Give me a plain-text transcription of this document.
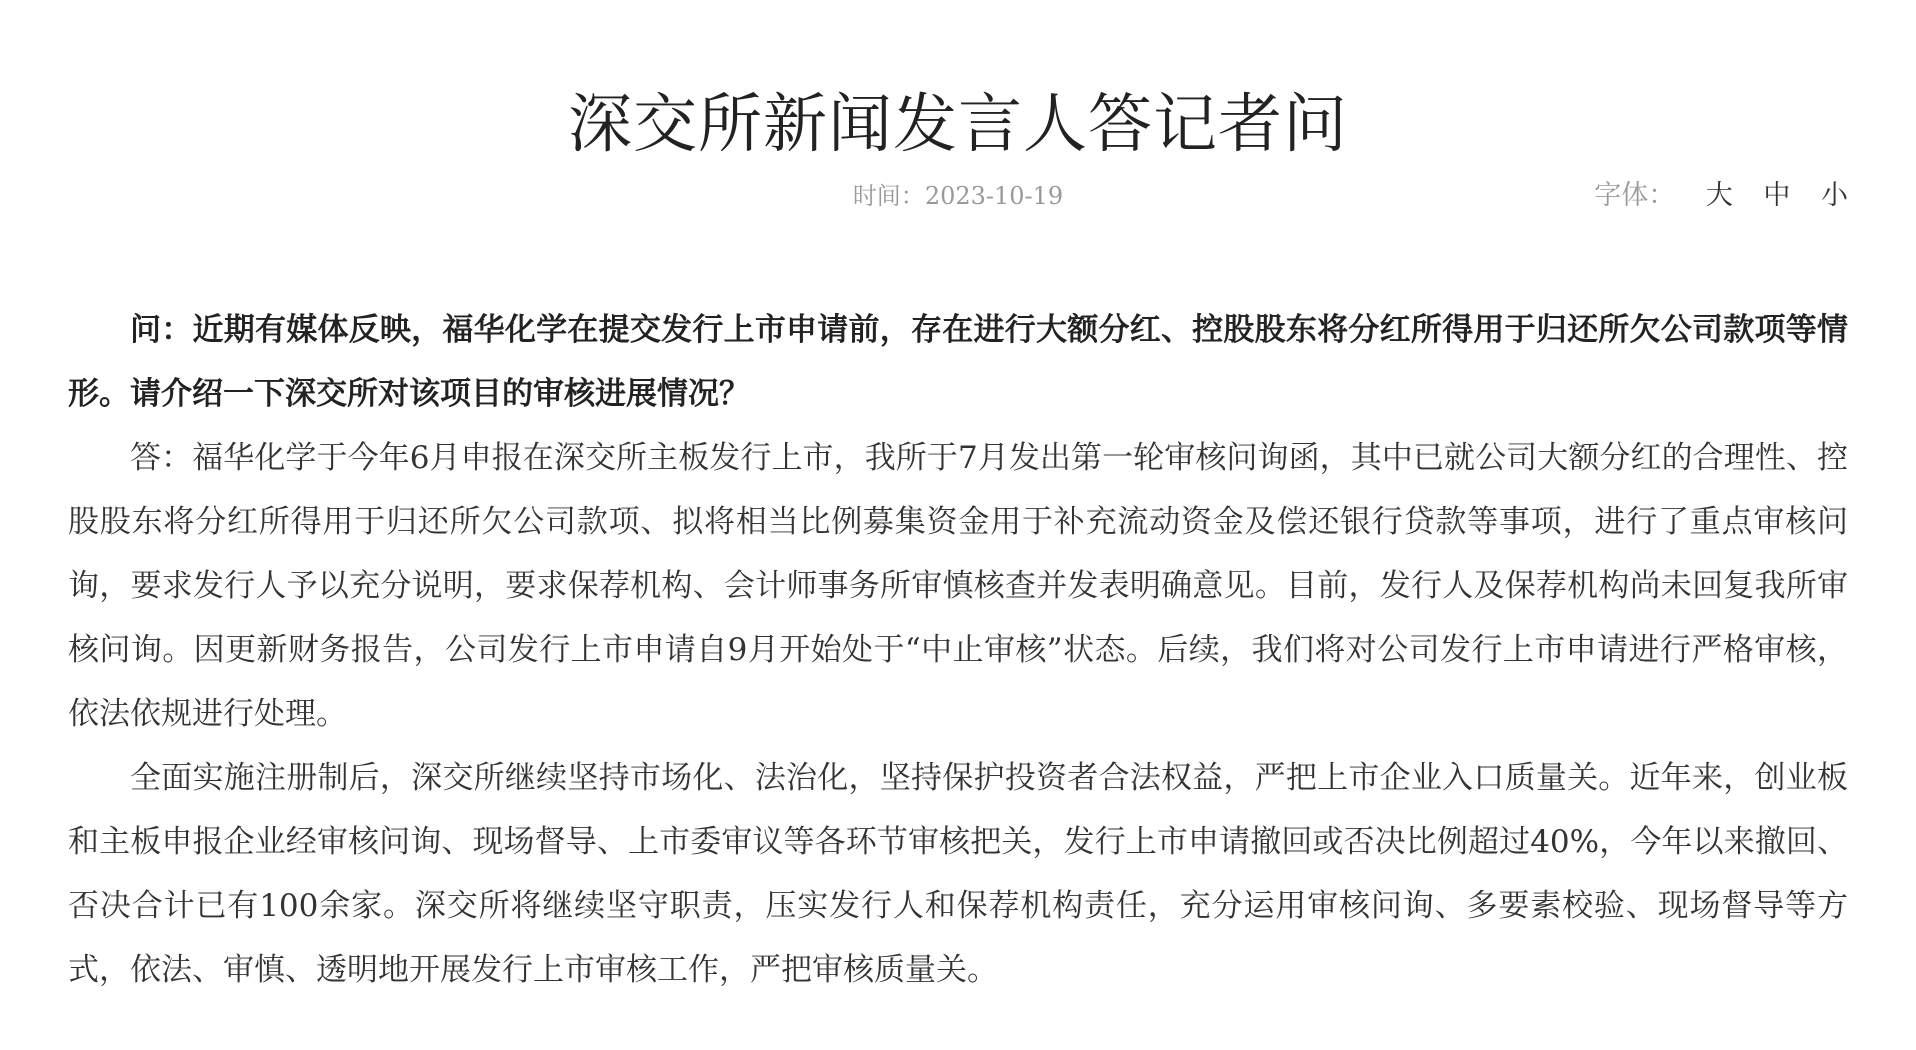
深交所新闻发言人答记者问
时间：2023-10-19	字体： 大 中 小

问：近期有媒体反映，福华化学在提交发行上市申请前，存在进行大额分红、控股股东将分红所得用于归还所欠公司款项等情形。请介绍一下深交所对该项目的审核进展情况？

答：福华化学于今年6月申报在深交所主板发行上市，我所于7月发出第一轮审核问询函，其中已就公司大额分红的合理性、控股股东将分红所得用于归还所欠公司款项、拟将相当比例募集资金用于补充流动资金及偿还银行贷款等事项，进行了重点审核问询，要求发行人予以充分说明，要求保荐机构、会计师事务所审慎核查并发表明确意见。目前，发行人及保荐机构尚未回复我所审核问询。因更新财务报告，公司发行上市申请自9月开始处于“中止审核”状态。后续，我们将对公司发行上市申请进行严格审核，依法依规进行处理。

全面实施注册制后，深交所继续坚持市场化、法治化，坚持保护投资者合法权益，严把上市企业入口质量关。近年来，创业板和主板申报企业经审核问询、现场督导、上市委审议等各环节审核把关，发行上市申请撤回或否决比例超过40%，今年以来撤回、否决合计已有100余家。深交所将继续坚守职责，压实发行人和保荐机构责任，充分运用审核问询、多要素校验、现场督导等方式，依法、审慎、透明地开展发行上市审核工作，严把审核质量关。
